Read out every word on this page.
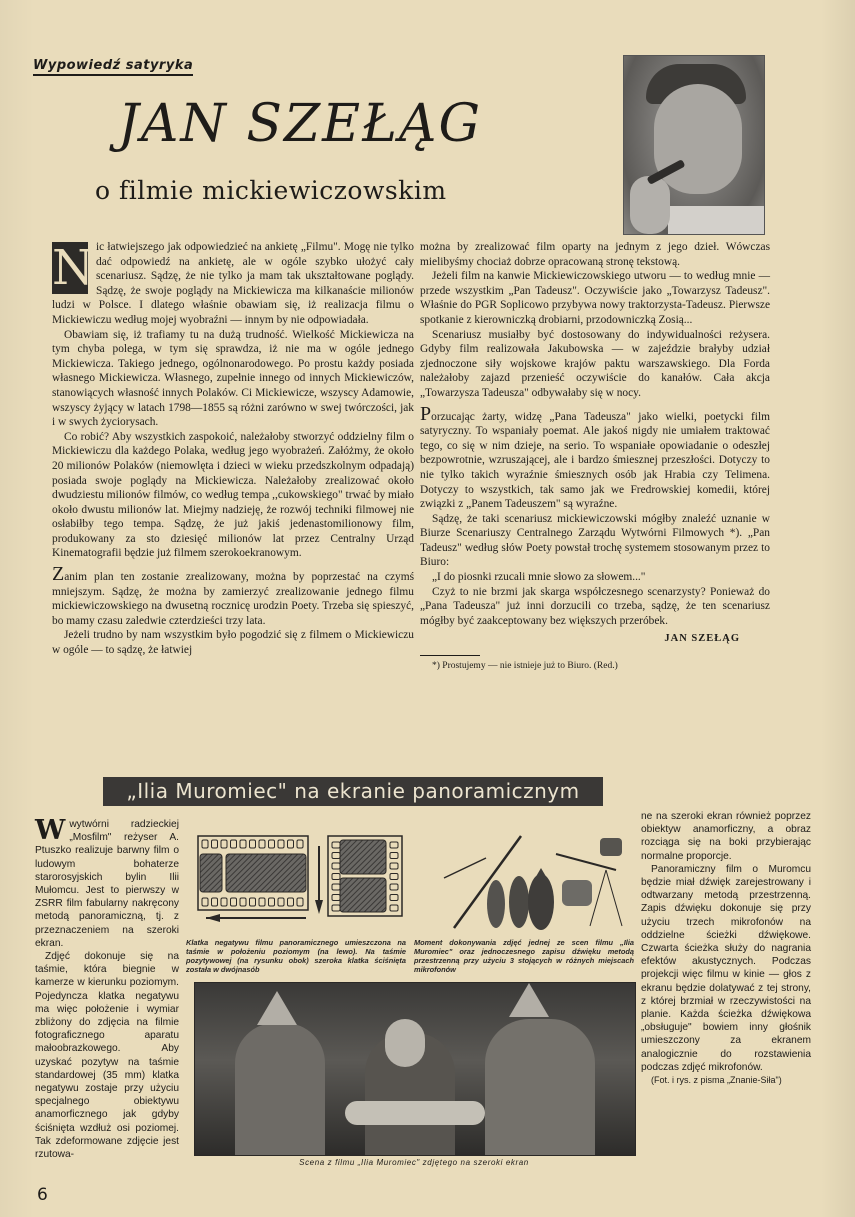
Wypowiedź satyryka
JAN SZEŁĄG
o filmie mickiewiczowskim
N ic łatwiejszego jak odpowiedzieć na ankietę „Filmu". Mogę nie tylko dać odpowiedź na ankietę, ale w ogóle szybko ułożyć cały scenariusz. Sądzę, że nie tylko ja mam tak ukształtowane poglądy. Sądzę, że swoje poglądy na Mickiewicza ma kilkanaście milionów ludzi w Polsce. I dlatego właśnie obawiam się, iż realizacja filmu o Mickiewiczu według mojej wyobraźni — innym by nie odpowiadała.

Obawiam się, iż trafiamy tu na dużą trudność. Wielkość Mickiewicza na tym chyba polega, w tym się sprawdza, iż nie ma w ogóle jednego Mickiewicza. Takiego jednego, ogólnonarodowego. Po prostu każdy posiada własnego Mickiewicza. Własnego, zupełnie innego od innych Mickiewiczów, stanowiących własność innych Polaków. Ci Mickiewicze, wszyscy Adamowie, wszyscy żyjący w latach 1798—1855 są różni zarówno w swej twórczości, jak i w swych życiorysach.

Co robić? Aby wszystkich zaspokoić, należałoby stworzyć oddzielny film o Mickiewiczu dla każdego Polaka, według jego wyobrażeń. Załóżmy, że około 20 milionów Polaków (niemowlęta i dzieci w wieku przedszkolnym odpadają) posiada swoje poglądy na Mickiewicza. Należałoby zrealizować około dwudziestu milionów filmów, co według tempa ,,cukowskiego" trwać by miało około dwustu milionów lat. Miejmy nadzieję, że rozwój techniki filmowej nie osłabiłby tego tempa. Sądzę, że już jakiś jedenastomilionowy film, produkowany za sto dziesięć milionów lat przez Centralny Urząd Kinematografii będzie już filmem szerokoekranowym.

Zanim plan ten zostanie zrealizowany, można by poprzestać na czymś mniejszym. Sądzę, że można by zamierzyć zrealizowanie jednego filmu mickiewiczowskiego na dwusetną rocznicę urodzin Poety. Trzeba się spieszyć, bo mamy czasu zaledwie czterdzieści trzy lata.

Jeżeli trudno by nam wszystkim było pogodzić się z filmem o Mickiewiczu w ogóle — to sądzę, że łatwiej

można by zrealizować film oparty na jednym z jego dzieł. Wówczas mielibyśmy chociaż dobrze opracowaną stronę tekstową.

Jeżeli film na kanwie Mickiewiczowskiego utworu — to według mnie — przede wszystkim „Pan Tadeusz". Oczywiście jako „Towarzysz Tadeusz". Właśnie do PGR Soplicowo przybywa nowy traktorzysta-Tadeusz. Pierwsze spotkanie z kierowniczką drobiarni, przodowniczką Zosią...

Scenariusz musiałby być dostosowany do indywidualności reżysera. Gdyby film realizowała Jakubowska — w zajeździe brałyby udział zjednoczone siły wojskowe krajów paktu warszawskiego. Dla Forda należałoby zajazd przenieść oczywiście do kanałów. Cała akcja „Towarzysza Tadeusza" odbywałaby się w nocy.

Porzucając żarty, widzę „Pana Tadeusza" jako wielki, poetycki film satyryczny. To wspaniały poemat. Ale jakoś nigdy nie umiałem traktować tego, co się w nim dzieje, na serio. To wspaniałe opowiadanie o odeszłej bezpowrotnie, wzruszającej, ale i bardzo śmiesznej przeszłości. Dotyczy to nie tylko takich wyraźnie śmiesznych osób jak Hrabia czy Telimena. Dotyczy to wszystkich, tak samo jak we Fredrowskiej komedii, której związki z „Panem Tadeuszem" są wyraźne.

Sądzę, że taki scenariusz mickiewiczowski mógłby znaleźć uznanie w Biurze Scenariuszy Centralnego Zarządu Wytwórni Filmowych *). „Pan Tadeusz" według słów Poety powstał trochę systemem stosowanym przez to Biuro:

„I do piosnki rzucali mnie słowo za słowem..."

Czyż to nie brzmi jak skarga współczesnego scenarzysty? Ponieważ do „Pana Tadeusza" już inni dorzucili co trzeba, sądzę, że ten scenariusz mógłby być zaakceptowany bez większych przeróbek.

JAN SZEŁĄG

*) Prostujemy — nie istnieje już to Biuro. (Red.)

„Ilia Muromiec" na ekranie panoramicznym
W wytwórni radzieckiej „Mosfilm" reżyser A. Ptuszko realizuje barwny film o ludowym bohaterze starorosyjskich bylin Ilii Mułomcu. Jest to pierwszy w ZSRR film fabularny nakręcony metodą panoramiczną, tj. z przeznaczeniem na szeroki ekran.

Zdjęć dokonuje się na taśmie, która biegnie w kamerze w kierunku poziomym. Pojedyncza klatka negatywu ma więc położenie i wymiar zbliżony do zdjęcia na filmie fotograficznego aparatu małoobrazkowego. Aby uzyskać pozytyw na taśmie standardowej (35 mm) klatka negatywu zostaje przy użyciu specjalnego obiektywu anamorficznego jak gdyby ściśnięta wzdłuż osi poziomej. Tak zdeformowane zdjęcie jest rzutowa-

Klatka negatywu filmu panoramicznego umieszczona na taśmie w położeniu poziomym (na lewo). Na taśmie pozytywowej (na rysunku obok) szeroka klatka ściśnięta została w dwójnasób
Moment dokonywania zdjęć jednej ze scen filmu „Ilia Muromiec" oraz jednoczesnego zapisu dźwięku metodą przestrzenną przy użyciu 3 stojących w różnych miejscach mikrofonów
Scena z filmu „Ilia Muromiec" zdjętego na szeroki ekran

ne na szeroki ekran również poprzez obiektyw anamorficzny, a obraz rozciąga się na boki przybierając normalne proporcje.

Panoramiczny film o Muromcu będzie miał dźwięk zarejestrowany i odtwarzany metodą przestrzenną. Zapis dźwięku dokonuje się przy użyciu trzech mikrofonów na oddzielne ścieżki dźwiękowe. Czwarta ścieżka służy do nagrania efektów akustycznych. Podczas projekcji więc filmu w kinie — głos z ekranu będzie dolatywać z tej strony, z której brzmiał w rzeczywistości na planie. Każda ścieżka dźwiękowa „obsługuje" bowiem inny głośnik umieszczony za ekranem analogicznie do rozstawienia podczas zdjęć mikrofonów.

(Fot. i rys. z pisma „Znanie-Siła")

6
